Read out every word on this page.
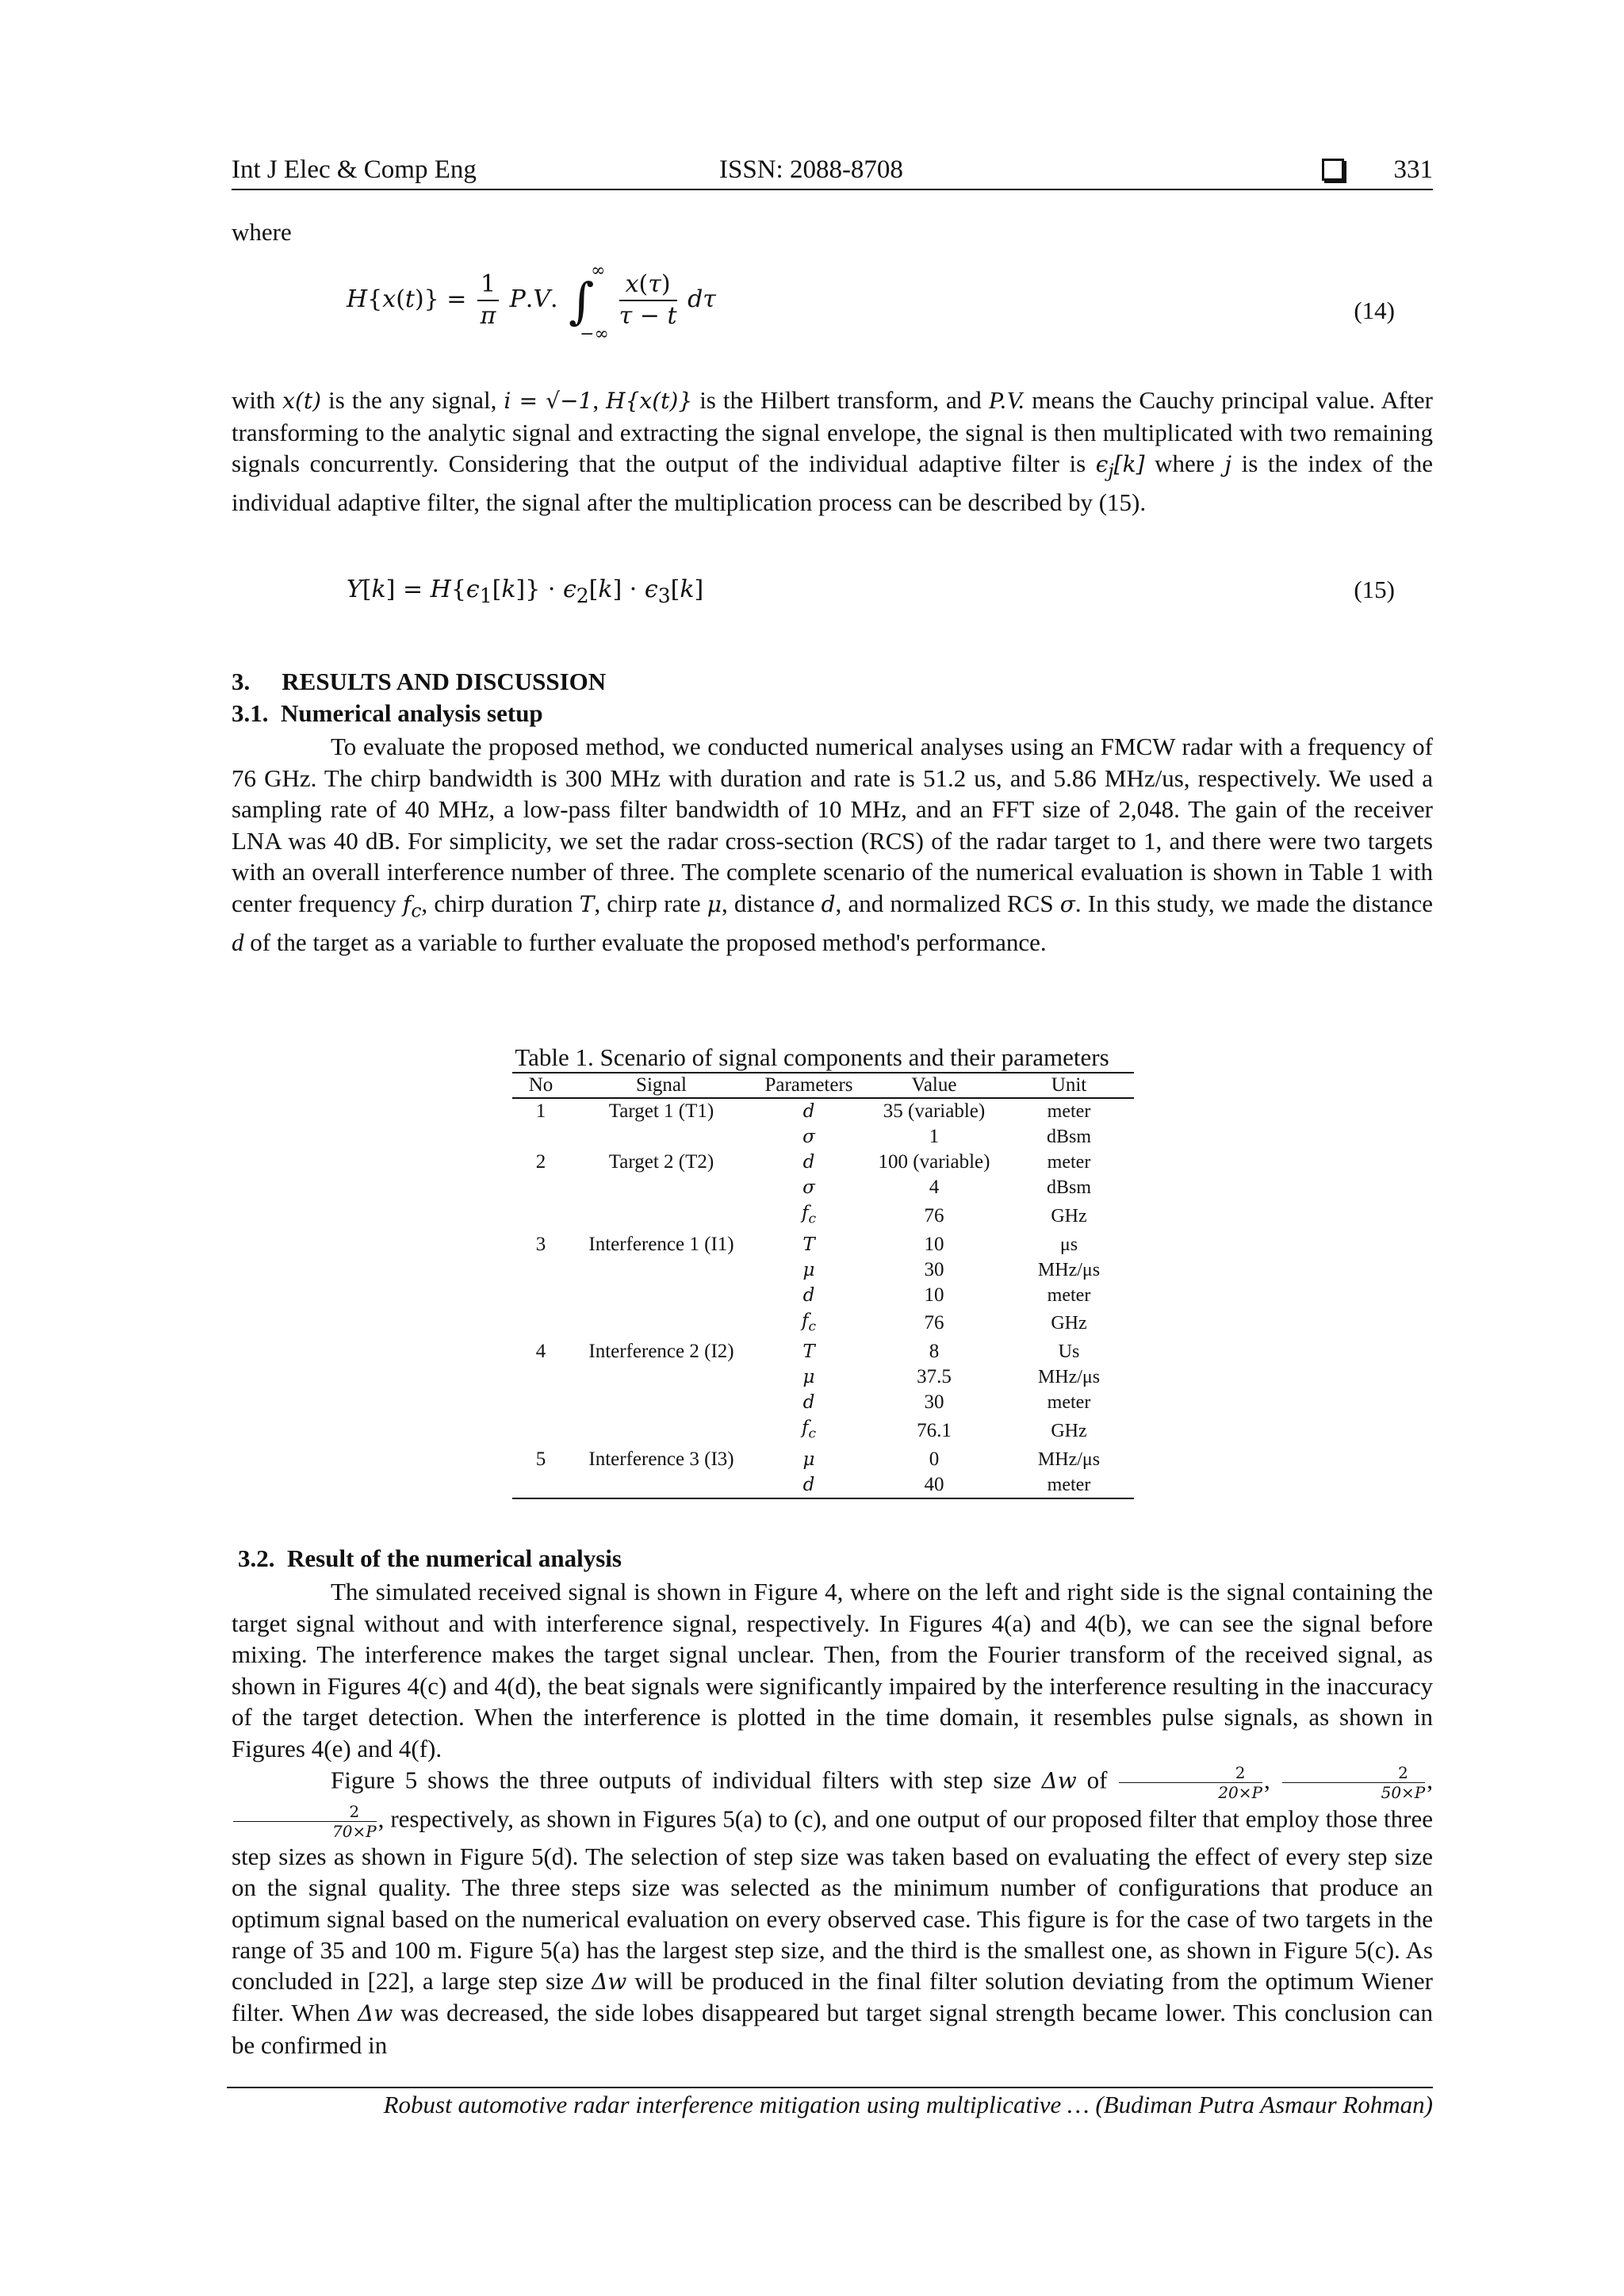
Int J Elec & Comp Eng	ISSN: 2088-8708	331
where
$H\{x(t)\} = \frac{1}{\pi} P.V$. ∫
∞
−∞

$\frac{x(\tau)}{\tau - t}$ dτ	(14)

with x(t) is the any signal, i = √−1, H{x(t)} is the Hilbert transform, and P.V. means the Cauchy principal value. After transforming to the analytic signal and extracting the signal envelope, the signal is then multiplicated with two remaining signals concurrently. Considering that the output of the individual adaptive filter is $\epsilon_j[k]$ where j is the index of the individual adaptive filter, the signal after the multiplication process can be described by (15).

$Y[k] = H\{\epsilon_1[k]\} \cdot \epsilon_2[k] \cdot \epsilon_3[k]$	(15)
3. RESULTS AND DISCUSSION
3.1. Numerical analysis setup

To evaluate the proposed method, we conducted numerical analyses using an FMCW radar with a frequency of 76 GHz. The chirp bandwidth is 300 MHz with duration and rate is 51.2 us, and 5.86 MHz/us, respectively. We used a sampling rate of 40 MHz, a low-pass filter bandwidth of 10 MHz, and an FFT size of 2,048. The gain of the receiver LNA was 40 dB. For simplicity, we set the radar cross-section (RCS) of the radar target to 1, and there were two targets with an overall interference number of three. The complete scenario of the numerical evaluation is shown in Table 1 with center frequency $f_c$, chirp duration T, chirp rate μ, distance d, and normalized RCS σ. In this study, we made the distance d of the target as a variable to further evaluate the proposed method's performance.

Table 1. Scenario of signal components and their parameters
No	Signal	Parameters	Value	Unit
1	Target 1 (T1)	d	35 (variable)	meter
		σ	1	dBsm
2	Target 2 (T2)	d	100 (variable)	meter
		σ	4	dBsm
		$f_c$	76	GHz
3	Interference 1 (I1)	T	10	μs
		μ	30	MHz/μs
		d	10	meter
		$f_c$	76	GHz
4	Interference 2 (I2)	T	8	Us
		μ	37.5	MHz/μs
		d	30	meter
		$f_c$	76.1	GHz
5	Interference 3 (I3)	μ	0	MHz/μs
		d	40	meter
3.2. Result of the numerical analysis

The simulated received signal is shown in Figure 4, where on the left and right side is the signal containing the target signal without and with interference signal, respectively. In Figures 4(a) and 4(b), we can see the signal before mixing. The interference makes the target signal unclear. Then, from the Fourier transform of the received signal, as shown in Figures 4(c) and 4(d), the beat signals were significantly impaired by the interference resulting in the inaccuracy of the target detection. When the interference is plotted in the time domain, it resembles pulse signals, as shown in Figures 4(e) and 4(f).

Figure 5 shows the three outputs of individual filters with step size Δw of $\frac{2}{20\times P}$ , $\frac{2}{50\times P}$ ,
$\frac{2}{70\times P}$ , respectively, as shown in Figures 5(a) to (c), and one output of our proposed filter that employ those three step sizes as shown in Figure 5(d). The selection of step size was taken based on evaluating the effect of every step size on the signal quality. The three steps size was selected as the minimum number of configurations that produce an optimum signal based on the numerical evaluation on every observed case. This figure is for the case of two targets in the range of 35 and 100 m. Figure 5(a) has the largest step size, and the third is the smallest one, as shown in Figure 5(c). As concluded in [22], a large step size Δw will be produced in the final filter solution deviating from the optimum Wiener filter. When Δw was decreased, the side lobes disappeared but target signal strength became lower. This conclusion can be confirmed in

Robust automotive radar interference mitigation using multiplicative … (Budiman Putra Asmaur Rohman)
